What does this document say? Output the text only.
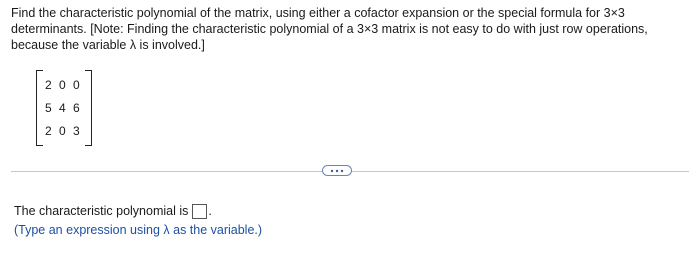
Find the characteristic polynomial of the matrix, using either a cofactor expansion or the special formula for 3×3
determinants. [Note: Finding the characteristic polynomial of a 3×3 matrix is not easy to do with just row operations,
because the variable λ is involved.]
2 0 0
5 4 6
2 0 3
The characteristic polynomial is .
(Type an expression using λ as the variable.)
